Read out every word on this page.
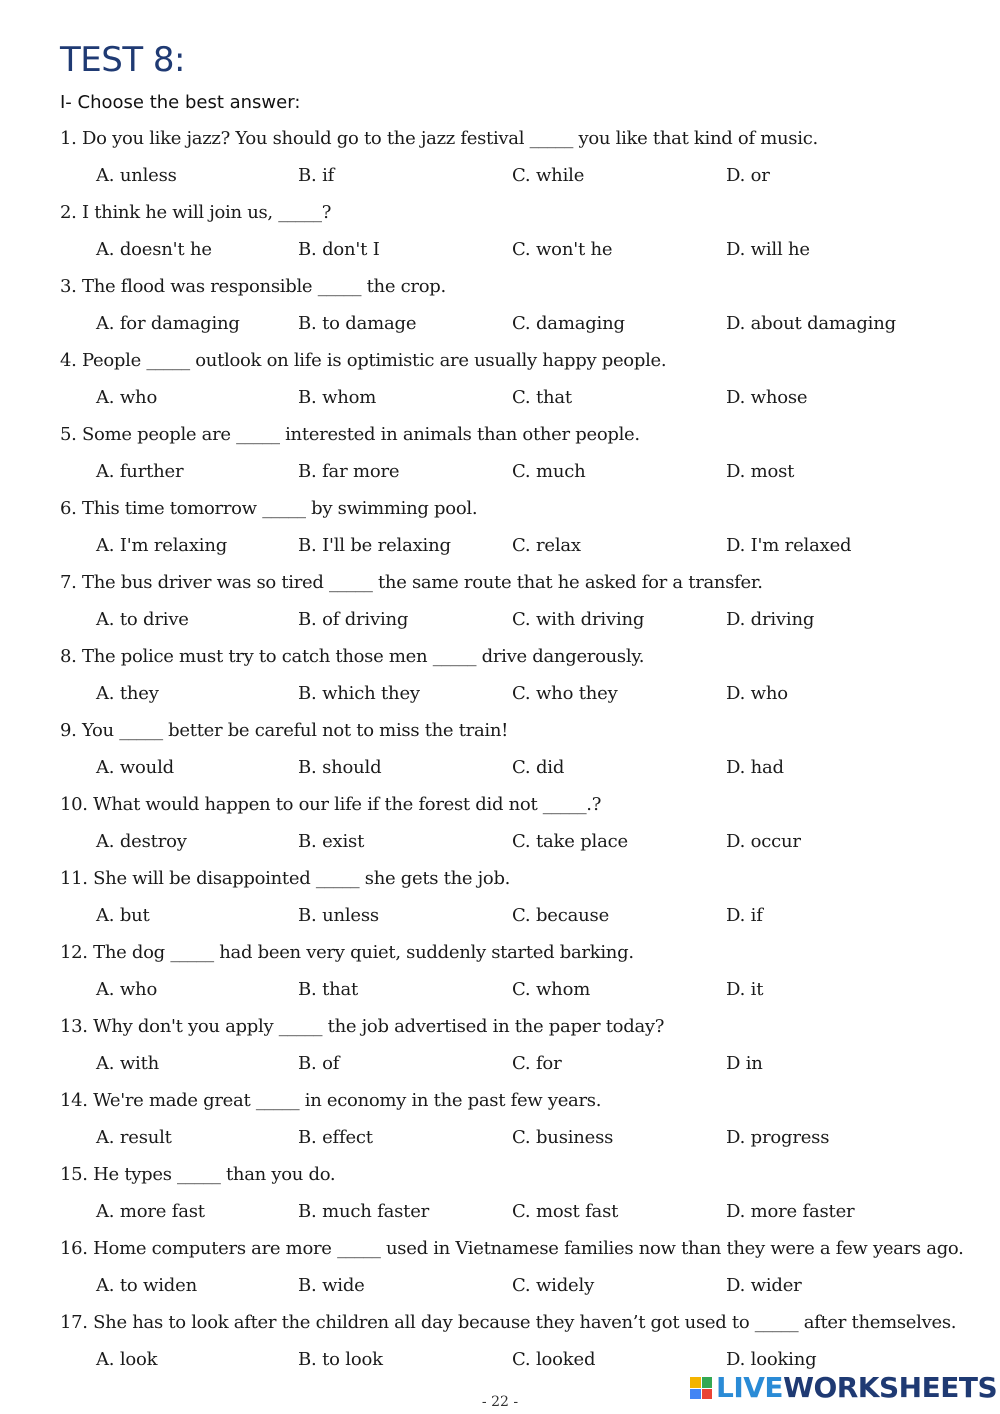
TEST 8:
I- Choose the best answer:
1. Do you like jazz? You should go to the jazz festival _____ you like that kind of music.
A. unless	B. if	C. while	D. or
2. I think he will join us, _____?
A. doesn't he	B. don't I	C. won't he	D. will he
3. The flood was responsible _____ the crop.
A. for damaging	B. to damage	C. damaging	D. about damaging
4. People _____ outlook on life is optimistic are usually happy people.
A. who	B. whom	C. that	D. whose
5. Some people are _____ interested in animals than other people.
A. further	B. far more	C. much	D. most
6. This time tomorrow _____ by swimming pool.
A. I'm relaxing	B. I'll be relaxing	C. relax	D. I'm relaxed
7. The bus driver was so tired _____ the same route that he asked for a transfer.
A. to drive	B. of driving	C. with driving	D. driving
8. The police must try to catch those men _____ drive dangerously.
A. they	B. which they	C. who they	D. who
9. You _____ better be careful not to miss the train!
A. would	B. should	C. did	D. had
10. What would happen to our life if the forest did not _____.?
A. destroy	B. exist	C. take place	D. occur
11. She will be disappointed _____ she gets the job.
A. but	B. unless	C. because	D. if
12. The dog _____ had been very quiet, suddenly started barking.
A. who	B. that	C. whom	D. it
13. Why don't you apply _____ the job advertised in the paper today?
A. with	B. of	C. for	D in
14. We're made great _____ in economy in the past few years.
A. result	B. effect	C. business	D. progress
15. He types _____ than you do.
A. more fast	B. much faster	C. most fast	D. more faster
16. Home computers are more _____ used in Vietnamese families now than they were a few years ago.
A. to widen	B. wide	C. widely	D. wider
17. She has to look after the children all day because they haven’t got used to _____ after themselves.
A. look	B. to look	C. looked	D. looking
- 22 -	LIVE WORKSHEETS
